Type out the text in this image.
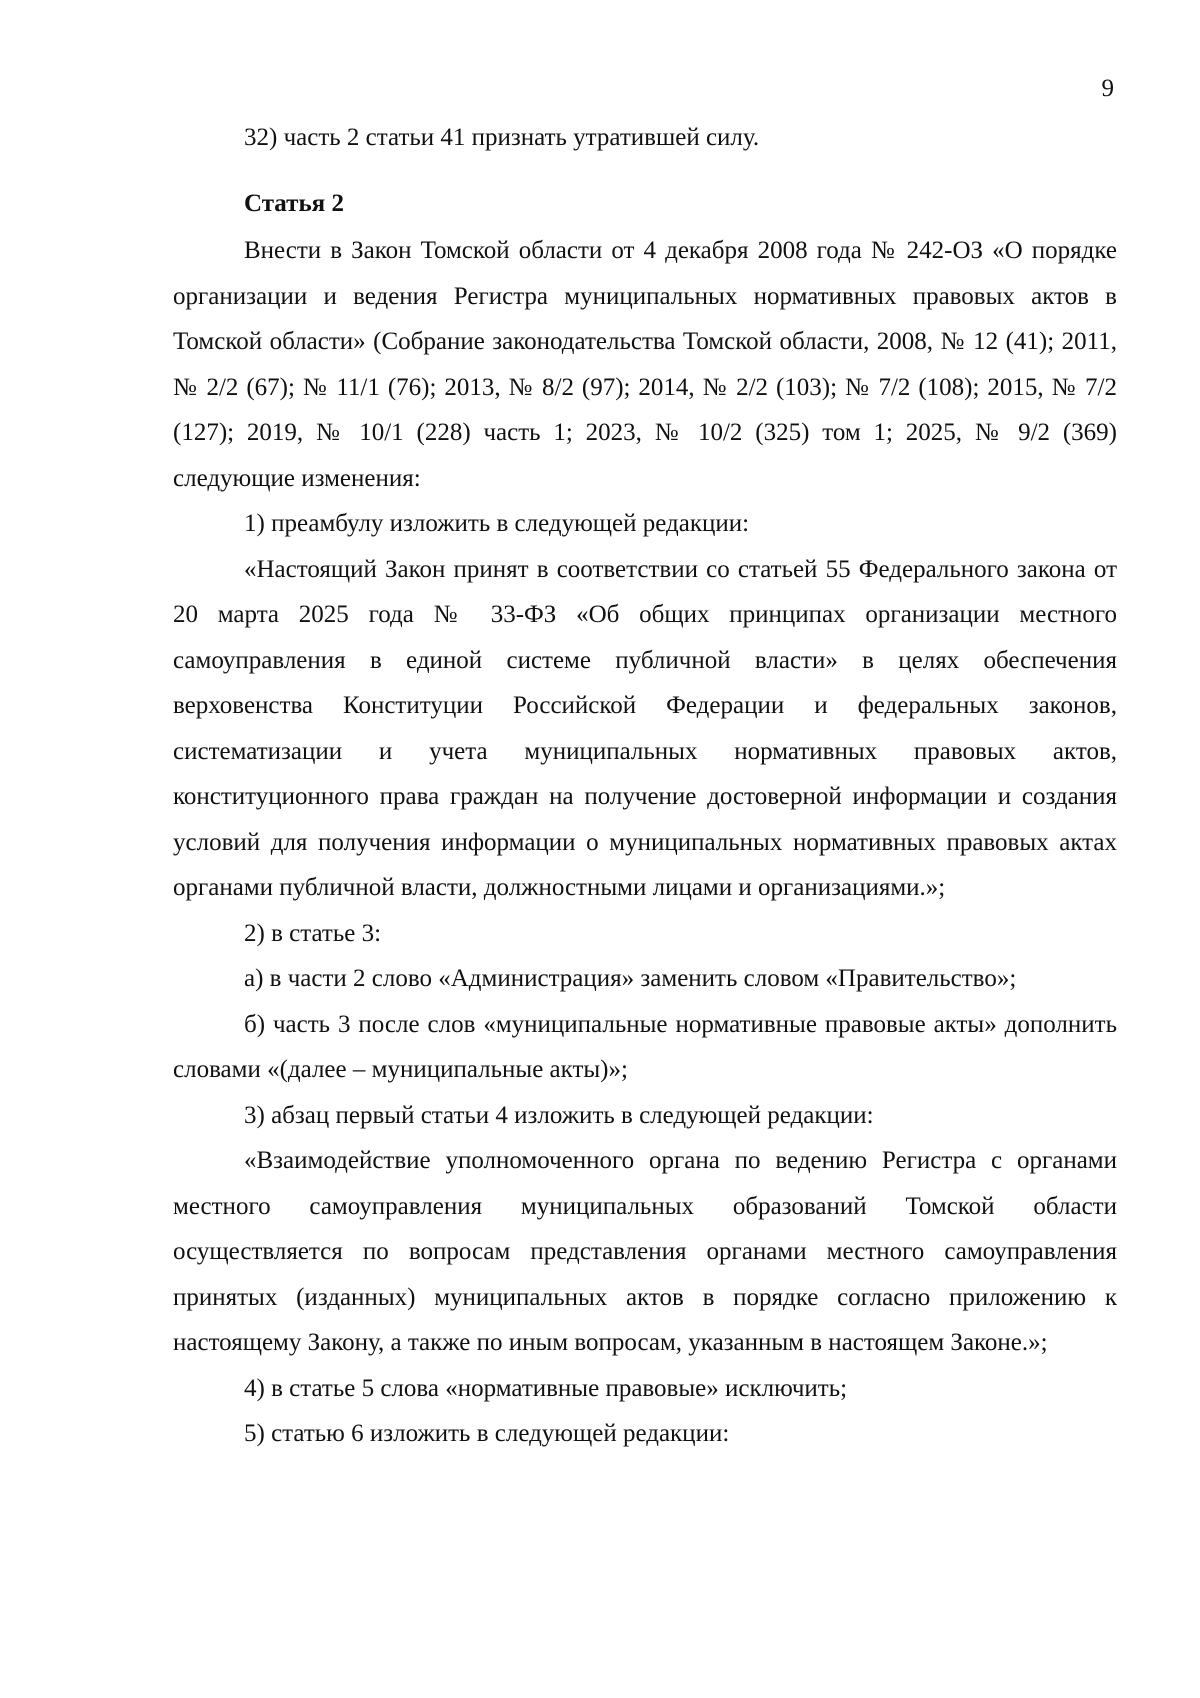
9

32) часть 2 статьи 41 признать утратившей силу.

Статья 2

Внести в Закон Томской области от 4 декабря 2008 года № 242-ОЗ «О порядке организации и ведения Регистра муниципальных нормативных правовых актов в Томской области» (Собрание законодательства Томской области, 2008, № 12 (41); 2011, № 2/2 (67); № 11/1 (76); 2013, № 8/2 (97); 2014, № 2/2 (103); № 7/2 (108); 2015, № 7/2 (127); 2019, № 10/1 (228) часть 1; 2023, № 10/2 (325) том 1; 2025, № 9/2 (369) следующие изменения:

1) преамбулу изложить в следующей редакции:

«Настоящий Закон принят в соответствии со статьей 55 Федерального закона от 20 марта 2025 года № 33-ФЗ «Об общих принципах организации местного самоуправления в единой системе публичной власти» в целях обеспечения верховенства Конституции Российской Федерации и федеральных законов, систематизации и учета муниципальных нормативных правовых актов, конституционного права граждан на получение достоверной информации и создания условий для получения информации о муниципальных нормативных правовых актах органами публичной власти, должностными лицами и организациями.»;

2) в статье 3:

а) в части 2 слово «Администрация» заменить словом «Правительство»;

б) часть 3 после слов «муниципальные нормативные правовые акты» дополнить словами «(далее – муниципальные акты)»;

3) абзац первый статьи 4 изложить в следующей редакции:

«Взаимодействие уполномоченного органа по ведению Регистра с органами местного самоуправления муниципальных образований Томской области осуществляется по вопросам представления органами местного самоуправления принятых (изданных) муниципальных актов в порядке согласно приложению к настоящему Закону, а также по иным вопросам, указанным в настоящем Законе.»;

4) в статье 5 слова «нормативные правовые» исключить;

5) статью 6 изложить в следующей редакции:
